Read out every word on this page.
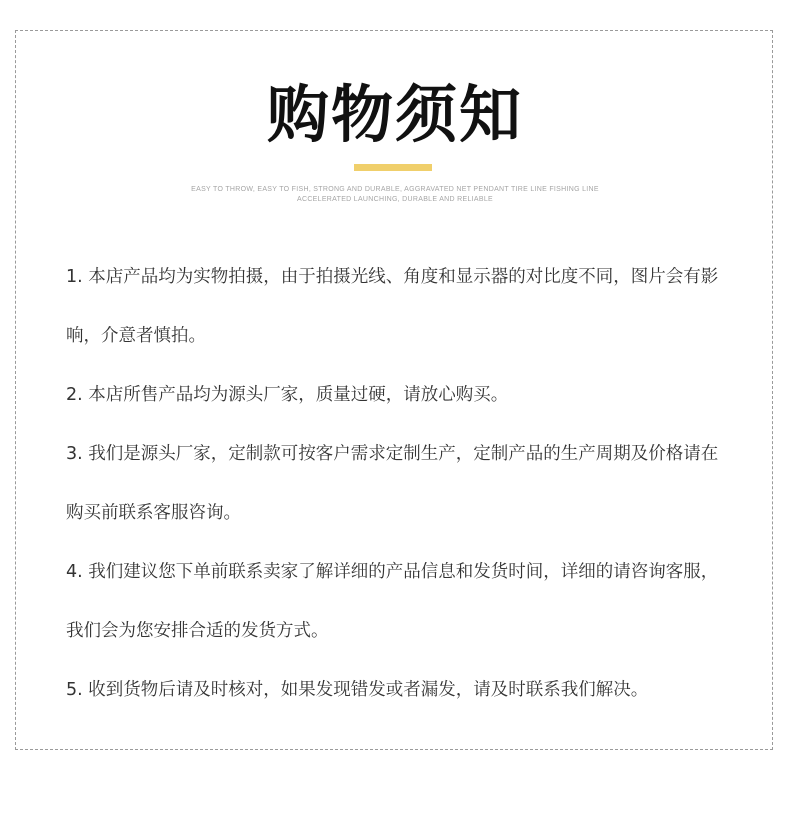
购物须知
EASY TO THROW, EASY TO FISH, STRONG AND DURABLE, AGGRAVATED NET PENDANT TIRE LINE FISHING LINE
ACCELERATED LAUNCHING, DURABLE AND RELIABLE
1. 本店产品均为实物拍摄，由于拍摄光线、角度和显示器的对比度不同，图片会有影响，介意者慎拍。
2. 本店所售产品均为源头厂家，质量过硬，请放心购买。
3. 我们是源头厂家，定制款可按客户需求定制生产，定制产品的生产周期及价格请在购买前联系客服咨询。
4. 我们建议您下单前联系卖家了解详细的产品信息和发货时间，详细的请咨询客服，我们会为您安排合适的发货方式。
5. 收到货物后请及时核对，如果发现错发或者漏发，请及时联系我们解决。
